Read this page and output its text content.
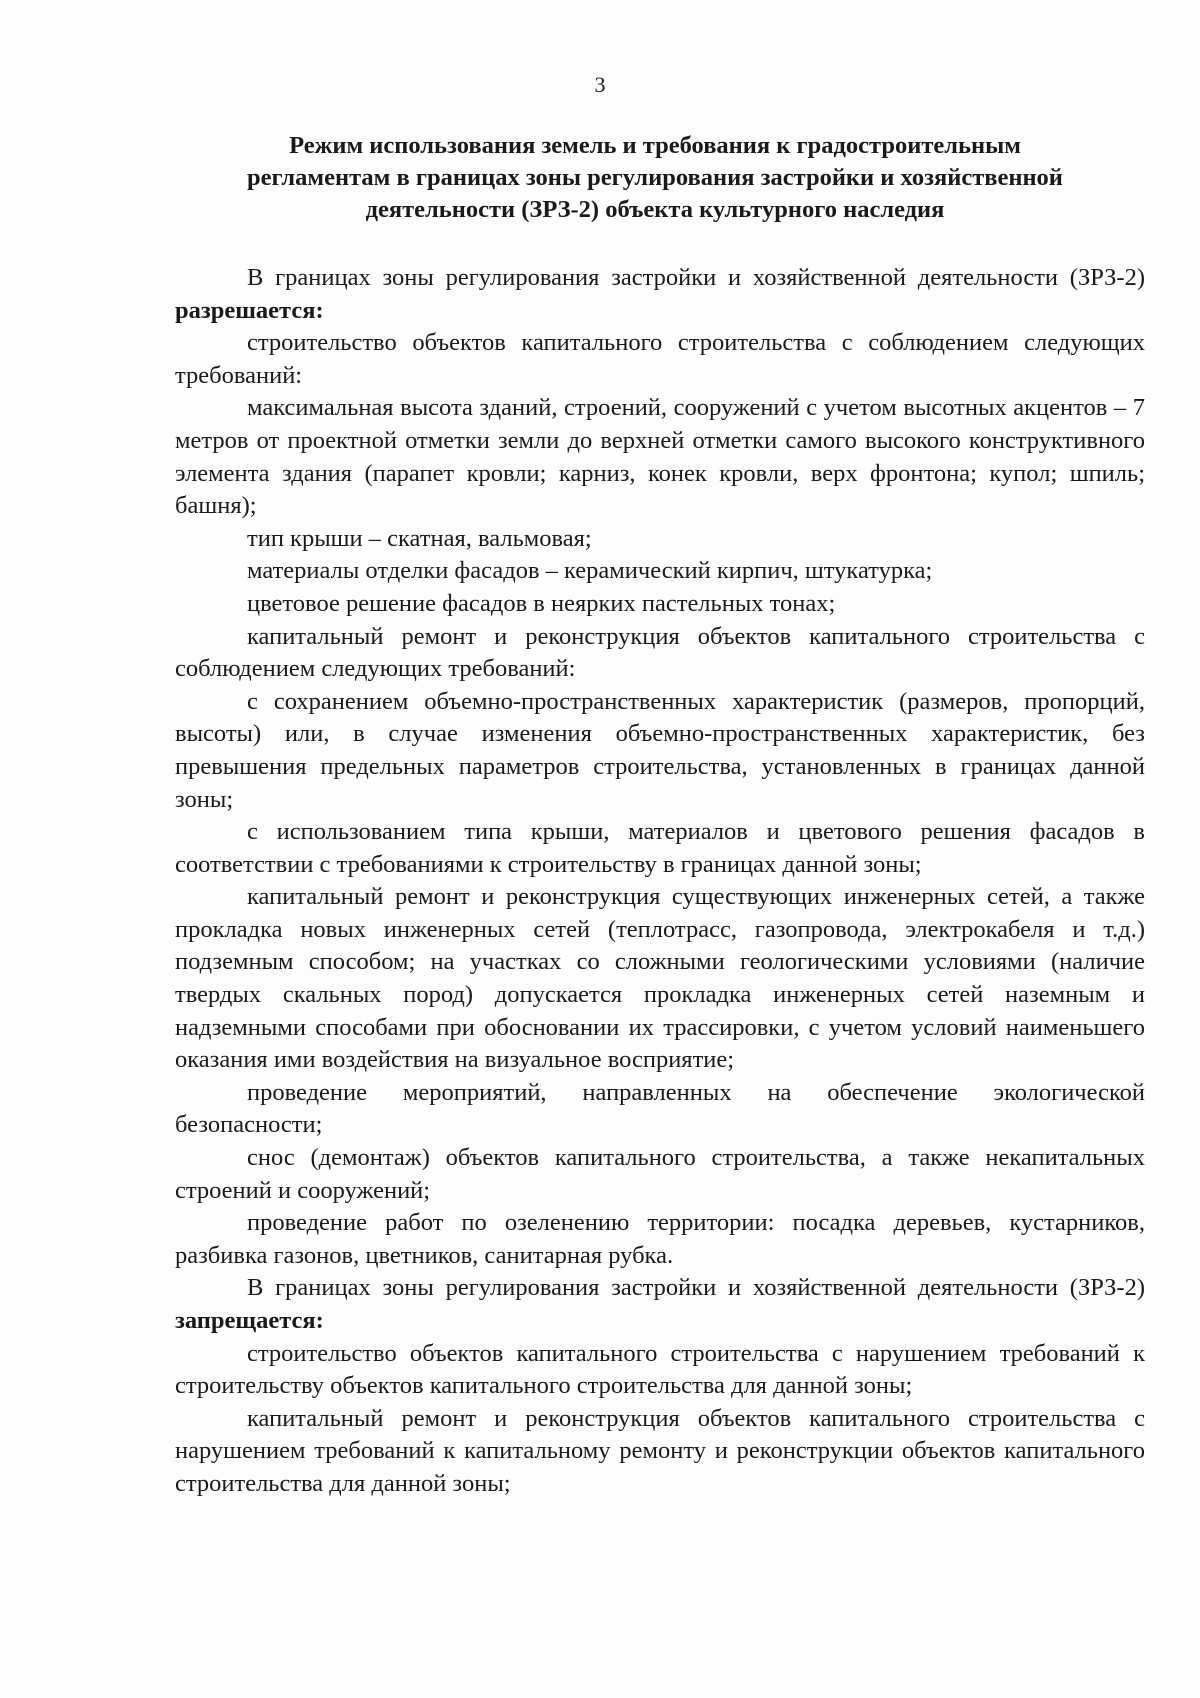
3
Режим использования земель и требования к градостроительным
регламентам в границах зоны регулирования застройки и хозяйственной
деятельности (ЗРЗ-2) объекта культурного наследия

В границах зоны регулирования застройки и хозяйственной деятельности (ЗРЗ-2) разрешается:

строительство объектов капитального строительства с соблюдением следующих требований:

максимальная высота зданий, строений, сооружений с учетом высотных акцентов – 7 метров от проектной отметки земли до верхней отметки самого высокого конструктивного элемента здания (парапет кровли; карниз, конек кровли, верх фронтона; купол; шпиль; башня);

тип крыши – скатная, вальмовая;

материалы отделки фасадов – керамический кирпич, штукатурка;

цветовое решение фасадов в неярких пастельных тонах;

капитальный ремонт и реконструкция объектов капитального строительства с соблюдением следующих требований:

с сохранением объемно-пространственных характеристик (размеров, пропорций, высоты) или, в случае изменения объемно-пространственных характеристик, без превышения предельных параметров строительства, установленных в границах данной зоны;

с использованием типа крыши, материалов и цветового решения фасадов в соответствии с требованиями к строительству в границах данной зоны;

капитальный ремонт и реконструкция существующих инженерных сетей, а также прокладка новых инженерных сетей (теплотрасс, газопровода, электрокабеля и т.д.) подземным способом; на участках со сложными геологическими условиями (наличие твердых скальных пород) допускается прокладка инженерных сетей наземным и надземными способами при обосновании их трассировки, с учетом условий наименьшего оказания ими воздействия на визуальное восприятие;

проведение мероприятий, направленных на обеспечение экологической безопасности;

снос (демонтаж) объектов капитального строительства, а также некапитальных строений и сооружений;

проведение работ по озеленению территории: посадка деревьев, кустарников, разбивка газонов, цветников, санитарная рубка.

В границах зоны регулирования застройки и хозяйственной деятельности (ЗРЗ-2) запрещается:

строительство объектов капитального строительства с нарушением требований к строительству объектов капитального строительства для данной зоны;

капитальный ремонт и реконструкция объектов капитального строительства с нарушением требований к капитальному ремонту и реконструкции объектов капитального строительства для данной зоны;
